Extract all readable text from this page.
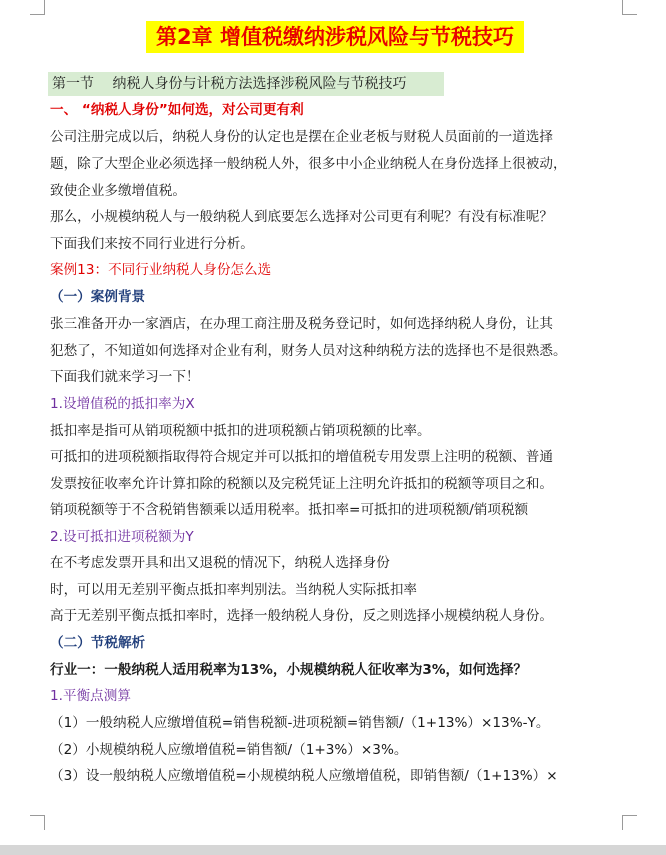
第2章 增值税缴纳涉税风险与节税技巧
第一节　 纳税人身份与计税方法选择涉税风险与节税技巧
一、 “纳税人身份”如何选，对公司更有利
公司注册完成以后，纳税人身份的认定也是摆在企业老板与财税人员面前的一道选择
题，除了大型企业必须选择一般纳税人外，很多中小企业纳税人在身份选择上很被动，
致使企业多缴增值税。
那么，小规模纳税人与一般纳税人到底要怎么选择对公司更有利呢？有没有标准呢？
下面我们来按不同行业进行分析。
案例13：不同行业纳税人身份怎么选
（一）案例背景
张三准备开办一家酒店，在办理工商注册及税务登记时，如何选择纳税人身份，让其
犯愁了，不知道如何选择对企业有利，财务人员对这种纳税方法的选择也不是很熟悉。
下面我们就来学习一下！
1.设增值税的抵扣率为X
抵扣率是指可从销项税额中抵扣的进项税额占销项税额的比率。
可抵扣的进项税额指取得符合规定并可以抵扣的增值税专用发票上注明的税额、普通
发票按征收率允许计算扣除的税额以及完税凭证上注明允许抵扣的税额等项目之和。
销项税额等于不含税销售额乘以适用税率。抵扣率=可抵扣的进项税额/销项税额
2.设可抵扣进项税额为Y
在不考虑发票开具和出又退税的情况下，纳税人选择身份
时，可以用无差别平衡点抵扣率判别法。当纳税人实际抵扣率
高于无差别平衡点抵扣率时，选择一般纳税人身份，反之则选择小规模纳税人身份。
（二）节税解析
行业一：一般纳税人适用税率为13%，小规模纳税人征收率为3%，如何选择？
1.平衡点测算
（1）一般纳税人应缴增值税=销售税额-进项税额=销售额/（1+13%）×13%-Y。
（2）小规模纳税人应缴增值税=销售额/（1+3%）×3%。
（3）设一般纳税人应缴增值税=小规模纳税人应缴增值税，即销售额/（1+13%）×
